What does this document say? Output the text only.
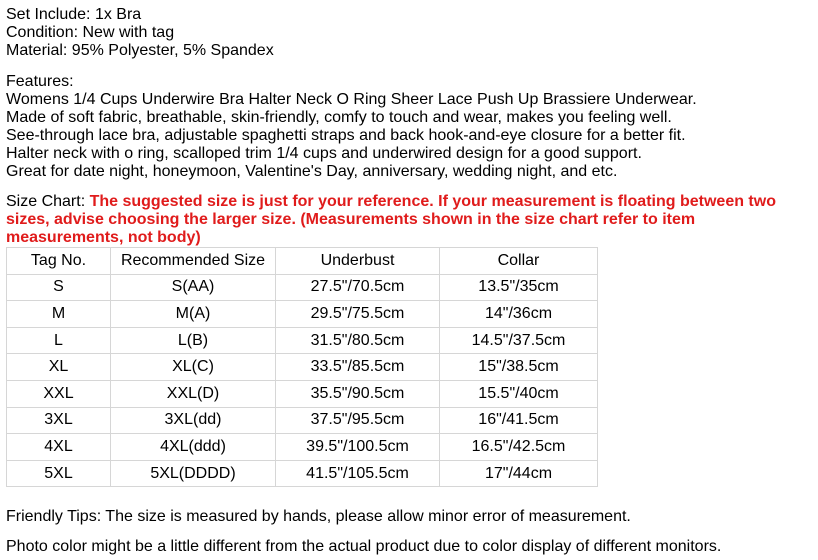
Set Include: 1x Bra
Condition: New with tag
Material: 95% Polyester, 5% Spandex
Features:
Womens 1/4 Cups Underwire Bra Halter Neck O Ring Sheer Lace Push Up Brassiere Underwear.
Made of soft fabric, breathable, skin-friendly, comfy to touch and wear, makes you feeling well.
See-through lace bra, adjustable spaghetti straps and back hook-and-eye closure for a better fit.
Halter neck with o ring, scalloped trim 1/4 cups and underwired design for a good support.
Great for date night, honeymoon, Valentine's Day, anniversary, wedding night, and etc.
Size Chart: The suggested size is just for your reference. If your measurement is floating between two sizes, advise choosing the larger size. (Measurements shown in the size chart refer to item measurements, not body)
Tag No.	Recommended Size	Underbust	Collar
S	S(AA)	27.5"/70.5cm	13.5"/35cm
M	M(A)	29.5"/75.5cm	14"/36cm
L	L(B)	31.5"/80.5cm	14.5"/37.5cm
XL	XL(C)	33.5"/85.5cm	15"/38.5cm
XXL	XXL(D)	35.5"/90.5cm	15.5"/40cm
3XL	3XL(dd)	37.5"/95.5cm	16"/41.5cm
4XL	4XL(ddd)	39.5"/100.5cm	16.5"/42.5cm
5XL	5XL(DDDD)	41.5"/105.5cm	17"/44cm
Friendly Tips: The size is measured by hands, please allow minor error of measurement.
Photo color might be a little different from the actual product due to color display of different monitors.
